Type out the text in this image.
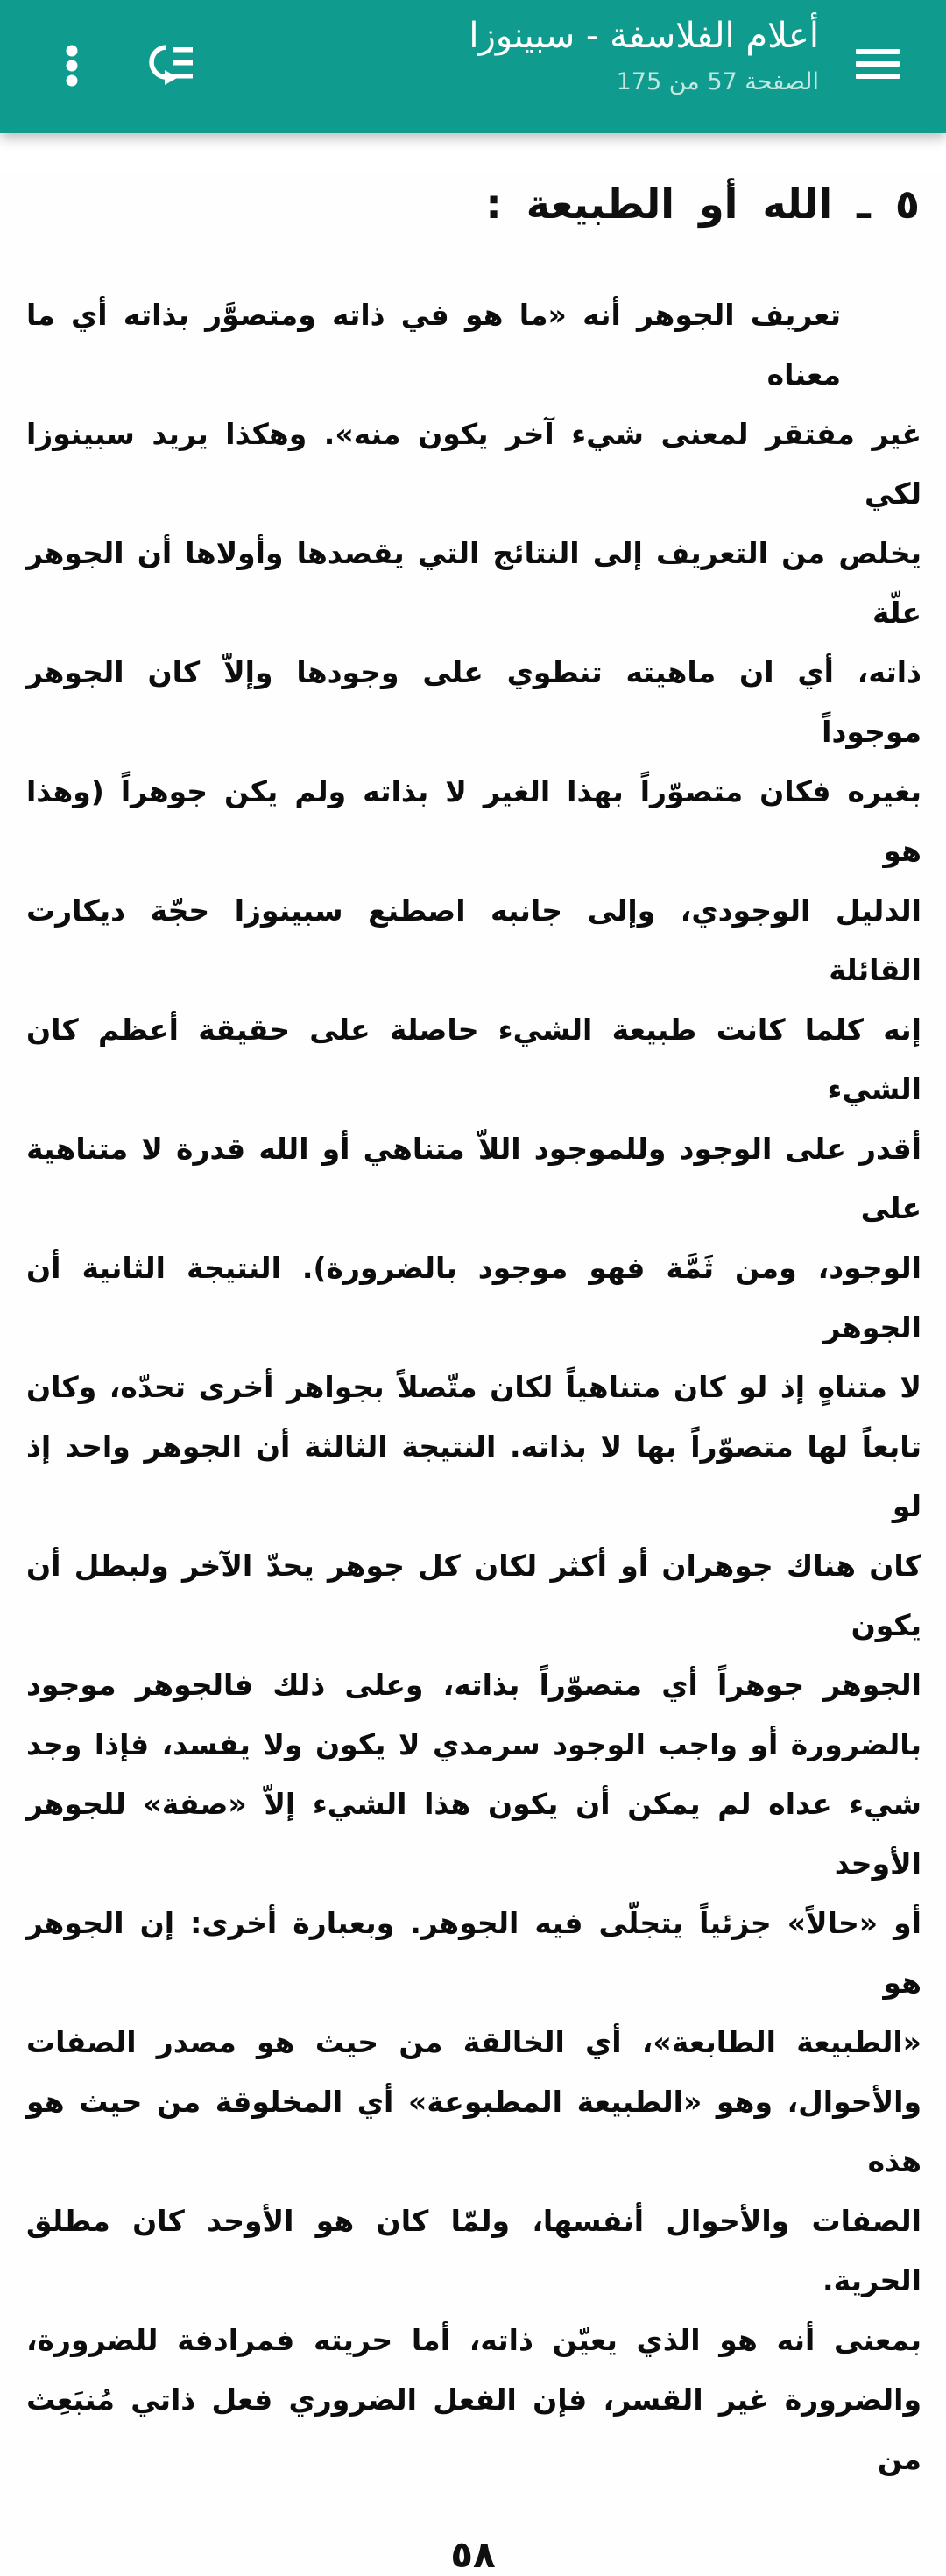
أعلام الفلاسفة - سبينوزا
الصفحة 57 من 175
٥ ـ الله أو الطبيعة :
تعريف الجوهر أنه «ما هو في ذاته ومتصوَّر بذاته أي ما معناه
غير مفتقر لمعنى شيء آخر يكون منه». وهكذا يريد سبينوزا لكي
يخلص من التعريف إلى النتائج التي يقصدها وأولاها أن الجوهر علّة
ذاته، أي ان ماهيته تنطوي على وجودها وإلاّ كان الجوهر موجوداً
بغيره فكان متصوّراً بهذا الغير لا بذاته ولم يكن جوهراً (وهذا هو
الدليل الوجودي، وإلى جانبه اصطنع سبينوزا حجّة ديكارت القائلة
إنه كلما كانت طبيعة الشيء حاصلة على حقيقة أعظم كان الشيء
أقدر على الوجود وللموجود اللاّ متناهي أو الله قدرة لا متناهية على
الوجود، ومن ثَمَّة فهو موجود بالضرورة). النتيجة الثانية أن الجوهر
لا متناهٍ إذ لو كان متناهياً لكان متّصلاً بجواهر أخرى تحدّه، وكان
تابعاً لها متصوّراً بها لا بذاته. النتيجة الثالثة أن الجوهر واحد إذ لو
كان هناك جوهران أو أكثر لكان كل جوهر يحدّ الآخر ولبطل أن يكون
الجوهر جوهراً أي متصوّراً بذاته، وعلى ذلك فالجوهر موجود
بالضرورة أو واجب الوجود سرمدي لا يكون ولا يفسد، فإذا وجد
شيء عداه لم يمكن أن يكون هذا الشيء إلاّ «صفة» للجوهر الأوحد
أو «حالاً» جزئياً يتجلّى فيه الجوهر. وبعبارة أخرى: إن الجوهر هو
«الطبيعة الطابعة»، أي الخالقة من حيث هو مصدر الصفات
والأحوال، وهو «الطبيعة المطبوعة» أي المخلوقة من حيث هو هذه
الصفات والأحوال أنفسها، ولمّا كان هو الأوحد كان مطلق الحرية.
بمعنى أنه هو الذي يعيّن ذاته، أما حريته فمرادفة للضرورة،
والضرورة غير القسر، فإن الفعل الضروري فعل ذاتي مُنبَعِث من
٥٨
